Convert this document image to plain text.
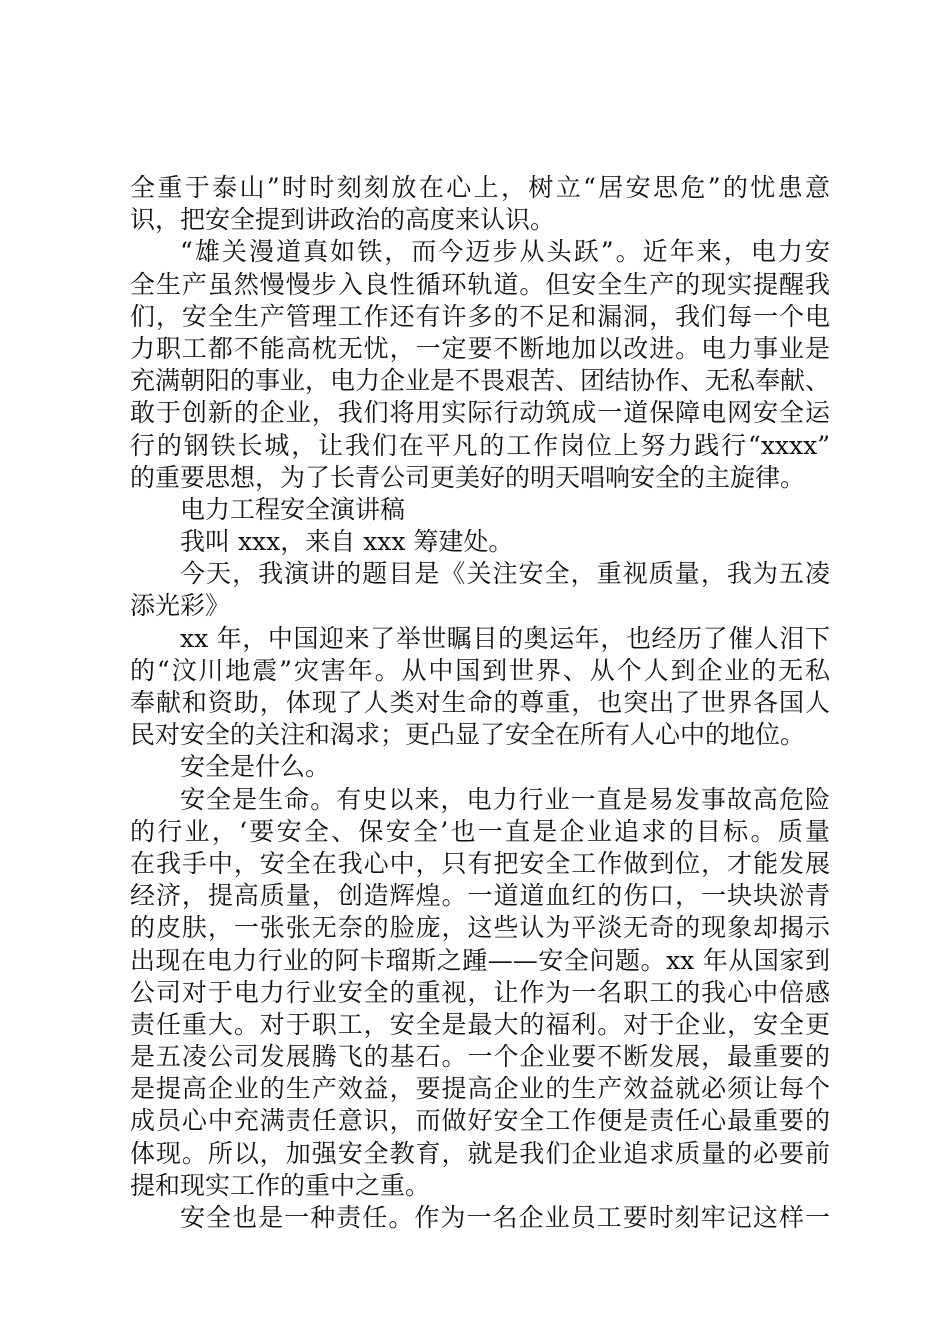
全重于泰山”时时刻刻放在心上，树立“居安思危”的忧患意
识，把安全提到讲政治的高度来认识。
“雄关漫道真如铁，而今迈步从头跃”。近年来，电力安
全生产虽然慢慢步入良性循环轨道。但安全生产的现实提醒我
们，安全生产管理工作还有许多的不足和漏洞，我们每一个电
力职工都不能高枕无忧，一定要不断地加以改进。电力事业是
充满朝阳的事业，电力企业是不畏艰苦、团结协作、无私奉献、
敢于创新的企业，我们将用实际行动筑成一道保障电网安全运
行的钢铁长城，让我们在平凡的工作岗位上努力践行“xxxx”
的重要思想，为了长青公司更美好的明天唱响安全的主旋律。
电力工程安全演讲稿
我叫 xxx，来自 xxx 筹建处。
今天，我演讲的题目是《关注安全，重视质量，我为五凌
添光彩》
xx 年，中国迎来了举世瞩目的奥运年，也经历了催人泪下
的“汶川地震”灾害年。从中国到世界、从个人到企业的无私
奉献和资助，体现了人类对生命的尊重，也突出了世界各国人
民对安全的关注和渴求；更凸显了安全在所有人心中的地位。
安全是什么。
安全是生命。有史以来，电力行业一直是易发事故高危险
的行业，‘要安全、保安全’也一直是企业追求的目标。质量
在我手中，安全在我心中，只有把安全工作做到位，才能发展
经济，提高质量，创造辉煌。一道道血红的伤口，一块块淤青
的皮肤，一张张无奈的脸庞，这些认为平淡无奇的现象却揭示
出现在电力行业的阿卡瑠斯之踵——安全问题。xx 年从国家到
公司对于电力行业安全的重视，让作为一名职工的我心中倍感
责任重大。对于职工，安全是最大的福利。对于企业，安全更
是五凌公司发展腾飞的基石。一个企业要不断发展，最重要的
是提高企业的生产效益，要提高企业的生产效益就必须让每个
成员心中充满责任意识，而做好安全工作便是责任心最重要的
体现。所以，加强安全教育，就是我们企业追求质量的必要前
提和现实工作的重中之重。
安全也是一种责任。作为一名企业员工要时刻牢记这样一
